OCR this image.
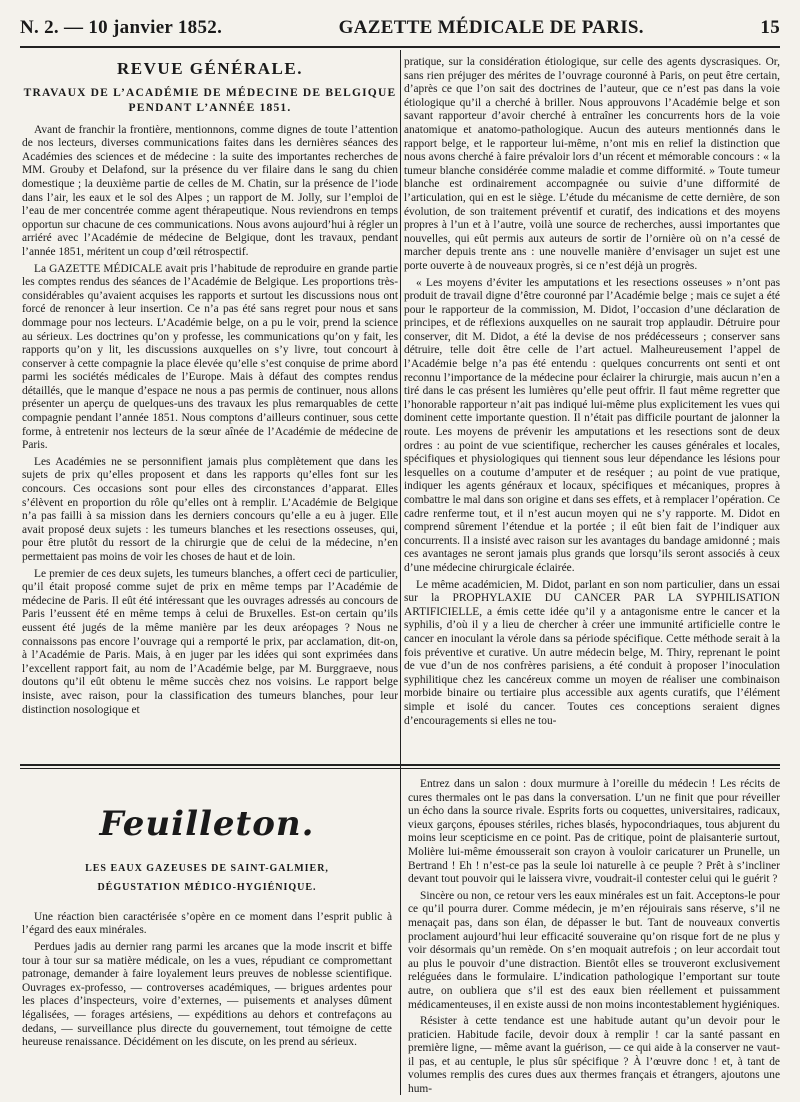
N. 2. — 10 janvier 1852.	GAZETTE MÉDICALE DE PARIS.	15
REVUE GÉNÉRALE.
TRAVAUX DE L’ACADÉMIE DE MÉDECINE DE BELGIQUE
PENDANT L’ANNÉE 1851.

Avant de franchir la frontière, mentionnons, comme dignes de toute l’attention de nos lecteurs, diverses communications faites dans les dernières séances des Académies des sciences et de médecine : la suite des importantes recherches de MM. Grouby et Delafond, sur la présence du ver filaire dans le sang du chien domestique ; la deuxième partie de celles de M. Chatin, sur la présence de l’iode dans l’air, les eaux et le sol des Alpes ; un rapport de M. Jolly, sur l’emploi de l’eau de mer concentrée comme agent thérapeutique. Nous reviendrons en temps opportun sur chacune de ces communications. Nous avons aujourd’hui à régler un arriéré avec l’Académie de médecine de Belgique, dont les travaux, pendant l’année 1851, méritent un coup d’œil rétrospectif.

La GAZETTE MÉDICALE avait pris l’habitude de reproduire en grande partie les comptes rendus des séances de l’Académie de Belgique. Les proportions très-considérables qu’avaient acquises les rapports et surtout les discussions nous ont forcé de renoncer à leur insertion. Ce n’a pas été sans regret pour nous et sans dommage pour nos lecteurs. L’Académie belge, on a pu le voir, prend la science au sérieux. Les doctrines qu’on y professe, les communications qu’on y fait, les rapports qu’on y lit, les discussions auxquelles on s’y livre, tout concourt à conserver à cette compagnie la place élevée qu’elle s’est conquise de prime abord parmi les sociétés médicales de l’Europe. Mais à défaut des comptes rendus détaillés, que le manque d’espace ne nous a pas permis de continuer, nous allons présenter un aperçu de quelques-uns des travaux les plus remarquables de cette compagnie pendant l’année 1851. Nous comptons d’ailleurs continuer, sous cette forme, à entretenir nos lecteurs de la sœur aînée de l’Académie de médecine de Paris.

Les Académies ne se personnifient jamais plus complètement que dans les sujets de prix qu’elles proposent et dans les rapports qu’elles font sur les concours. Ces occasions sont pour elles des circonstances d’apparat. Elles s’élèvent en proportion du rôle qu’elles ont à remplir. L’Académie de Belgique n’a pas failli à sa mission dans les derniers concours qu’elle a eu à juger. Elle avait proposé deux sujets : les tumeurs blanches et les resections osseuses, qui, pour être plutôt du ressort de la chirurgie que de celui de la médecine, n’en permettaient pas moins de voir les choses de haut et de loin.

Le premier de ces deux sujets, les tumeurs blanches, a offert ceci de particulier, qu’il était proposé comme sujet de prix en même temps par l’Académie de médecine de Paris. Il eût été intéressant que les ouvrages adressés au concours de Paris l’eussent été en même temps à celui de Bruxelles. Est-on certain qu’ils eussent été jugés de la même manière par les deux aréopages ? Nous ne connaissons pas encore l’ouvrage qui a remporté le prix, par acclamation, dit-on, à l’Académie de Paris. Mais, à en juger par les idées qui sont exprimées dans l’excellent rapport fait, au nom de l’Académie belge, par M. Burggraeve, nous doutons qu’il eût obtenu le même succès chez nos voisins. Le rapport belge insiste, avec raison, pour la classification des tumeurs blanches, pour leur distinction nosologique et

pratique, sur la considération étiologique, sur celle des agents dyscrasiques. Or, sans rien préjuger des mérites de l’ouvrage couronné à Paris, on peut être certain, d’après ce que l’on sait des doctrines de l’auteur, que ce n’est pas dans la voie étiologique qu’il a cherché à briller. Nous approuvons l’Académie belge et son savant rapporteur d’avoir cherché à entraîner les concurrents hors de la voie anatomique et anatomo-pathologique. Aucun des auteurs mentionnés dans le rapport belge, et le rapporteur lui-même, n’ont mis en relief la distinction que nous avons cherché à faire prévaloir lors d’un récent et mémorable concours : « la tumeur blanche considérée comme maladie et comme difformité. » Toute tumeur blanche est ordinairement accompagnée ou suivie d’une difformité de l’articulation, qui en est le siège. L’étude du mécanisme de cette dernière, de son évolution, de son traitement préventif et curatif, des indications et des moyens propres à l’un et à l’autre, voilà une source de recherches, aussi importantes que nouvelles, qui eût permis aux auteurs de sortir de l’ornière où on n’a cessé de marcher depuis trente ans : une nouvelle manière d’envisager un sujet est une porte ouverte à de nouveaux progrès, si ce n’est déjà un progrès.

« Les moyens d’éviter les amputations et les resections osseuses » n’ont pas produit de travail digne d’être couronné par l’Académie belge ; mais ce sujet a été pour le rapporteur de la commission, M. Didot, l’occasion d’une déclaration de principes, et de réflexions auxquelles on ne saurait trop applaudir. Détruire pour conserver, dit M. Didot, a été la devise de nos prédécesseurs ; conserver sans détruire, telle doit être celle de l’art actuel. Malheureusement l’appel de l’Académie belge n’a pas été entendu : quelques concurrents ont senti et ont reconnu l’importance de la médecine pour éclairer la chirurgie, mais aucun n’en a tiré dans le cas présent les lumières qu’elle peut offrir. Il faut même regretter que l’honorable rapporteur n’ait pas indiqué lui-même plus explicitement les vues qui dominent cette importante question. Il n’était pas difficile pourtant de jalonner la route. Les moyens de prévenir les amputations et les resections sont de deux ordres : au point de vue scientifique, rechercher les causes générales et locales, spécifiques et physiologiques qui tiennent sous leur dépendance les lésions pour lesquelles on a coutume d’amputer et de reséquer ; au point de vue pratique, indiquer les agents généraux et locaux, spécifiques et mécaniques, propres à combattre le mal dans son origine et dans ses effets, et à remplacer l’opération. Ce cadre renferme tout, et il n’est aucun moyen qui ne s’y rapporte. M. Didot en comprend sûrement l’étendue et la portée ; il eût bien fait de l’indiquer aux concurrents. Il a insisté avec raison sur les avantages du bandage amidonné ; mais ces avantages ne seront jamais plus grands que lorsqu’ils seront associés à ceux d’une médecine chirurgicale éclairée.

Le même académicien, M. Didot, parlant en son nom particulier, dans un essai sur la PROPHYLAXIE DU CANCER PAR LA SYPHILISATION ARTIFICIELLE, a émis cette idée qu’il y a antagonisme entre le cancer et la syphilis, d’où il y a lieu de chercher à créer une immunité artificielle contre le cancer en inoculant la vérole dans sa période spécifique. Cette méthode serait à la fois préventive et curative. Un autre médecin belge, M. Thiry, reprenant le point de vue d’un de nos confrères parisiens, a été conduit à proposer l’inoculation syphilitique chez les cancéreux comme un moyen de réaliser une combinaison morbide binaire ou tertiaire plus accessible aux agents curatifs, que l’élément simple et isolé du cancer. Toutes ces conceptions seraient dignes d’encouragements si elles ne tou-

Feuilleton.
LES EAUX GAZEUSES DE SAINT-GALMIER,
DÉGUSTATION MÉDICO-HYGIÉNIQUE.

Une réaction bien caractérisée s’opère en ce moment dans l’esprit public à l’égard des eaux minérales.

Perdues jadis au dernier rang parmi les arcanes que la mode inscrit et biffe tour à tour sur sa matière médicale, on les a vues, répudiant ce compromettant patronage, demander à faire loyalement leurs preuves de noblesse scientifique. Ouvrages ex-professo, — controverses académiques, — brigues ardentes pour les places d’inspecteurs, voire d’externes, — puisements et analyses dûment légalisées, — forages artésiens, — expéditions au dehors et contrefaçons au dedans, — surveillance plus directe du gouvernement, tout témoigne de cette heureuse renaissance. Décidément on les discute, on les prend au sérieux.

Entrez dans un salon : doux murmure à l’oreille du médecin ! Les récits de cures thermales ont le pas dans la conversation. L’un ne finit que pour réveiller un écho dans la source rivale. Esprits forts ou coquettes, universitaires, radicaux, vieux garçons, épouses stériles, riches blasés, hypocondriaques, tous abjurent du moins leur scepticisme en ce point. Pas de critique, point de plaisanterie surtout, Molière lui-même émousserait son crayon à vouloir caricaturer un Prunelle, un Bertrand ! Eh ! n’est-ce pas la seule loi naturelle à ce peuple ? Prêt à s’incliner devant tout pouvoir qui le laissera vivre, voudrait-il contester celui qui le guérit ?

Sincère ou non, ce retour vers les eaux minérales est un fait. Acceptons-le pour ce qu’il pourra durer. Comme médecin, je m’en réjouirais sans réserve, s’il ne menaçait pas, dans son élan, de dépasser le but. Tant de nouveaux convertis proclament aujourd’hui leur efficacité souveraine qu’on risque fort de ne plus y voir désormais qu’un remède. On s’en moquait autrefois ; on leur accordait tout au plus le pouvoir d’une distraction. Bientôt elles se trouveront exclusivement reléguées dans le formulaire. L’indication pathologique l’emportant sur toute autre, on oubliera que s’il est des eaux bien réellement et puissamment médicamenteuses, il en existe aussi de non moins incontestablement hygiéniques.

Résister à cette tendance est une habitude autant qu’un devoir pour le praticien. Habitude facile, devoir doux à remplir ! car la santé passant en première ligne, — même avant la guérison, — ce qui aide à la conserver ne vaut-il pas, et au centuple, le plus sûr spécifique ? À l’œuvre donc ! et, à tant de volumes remplis des cures dues aux thermes français et étrangers, ajoutons une hum-
